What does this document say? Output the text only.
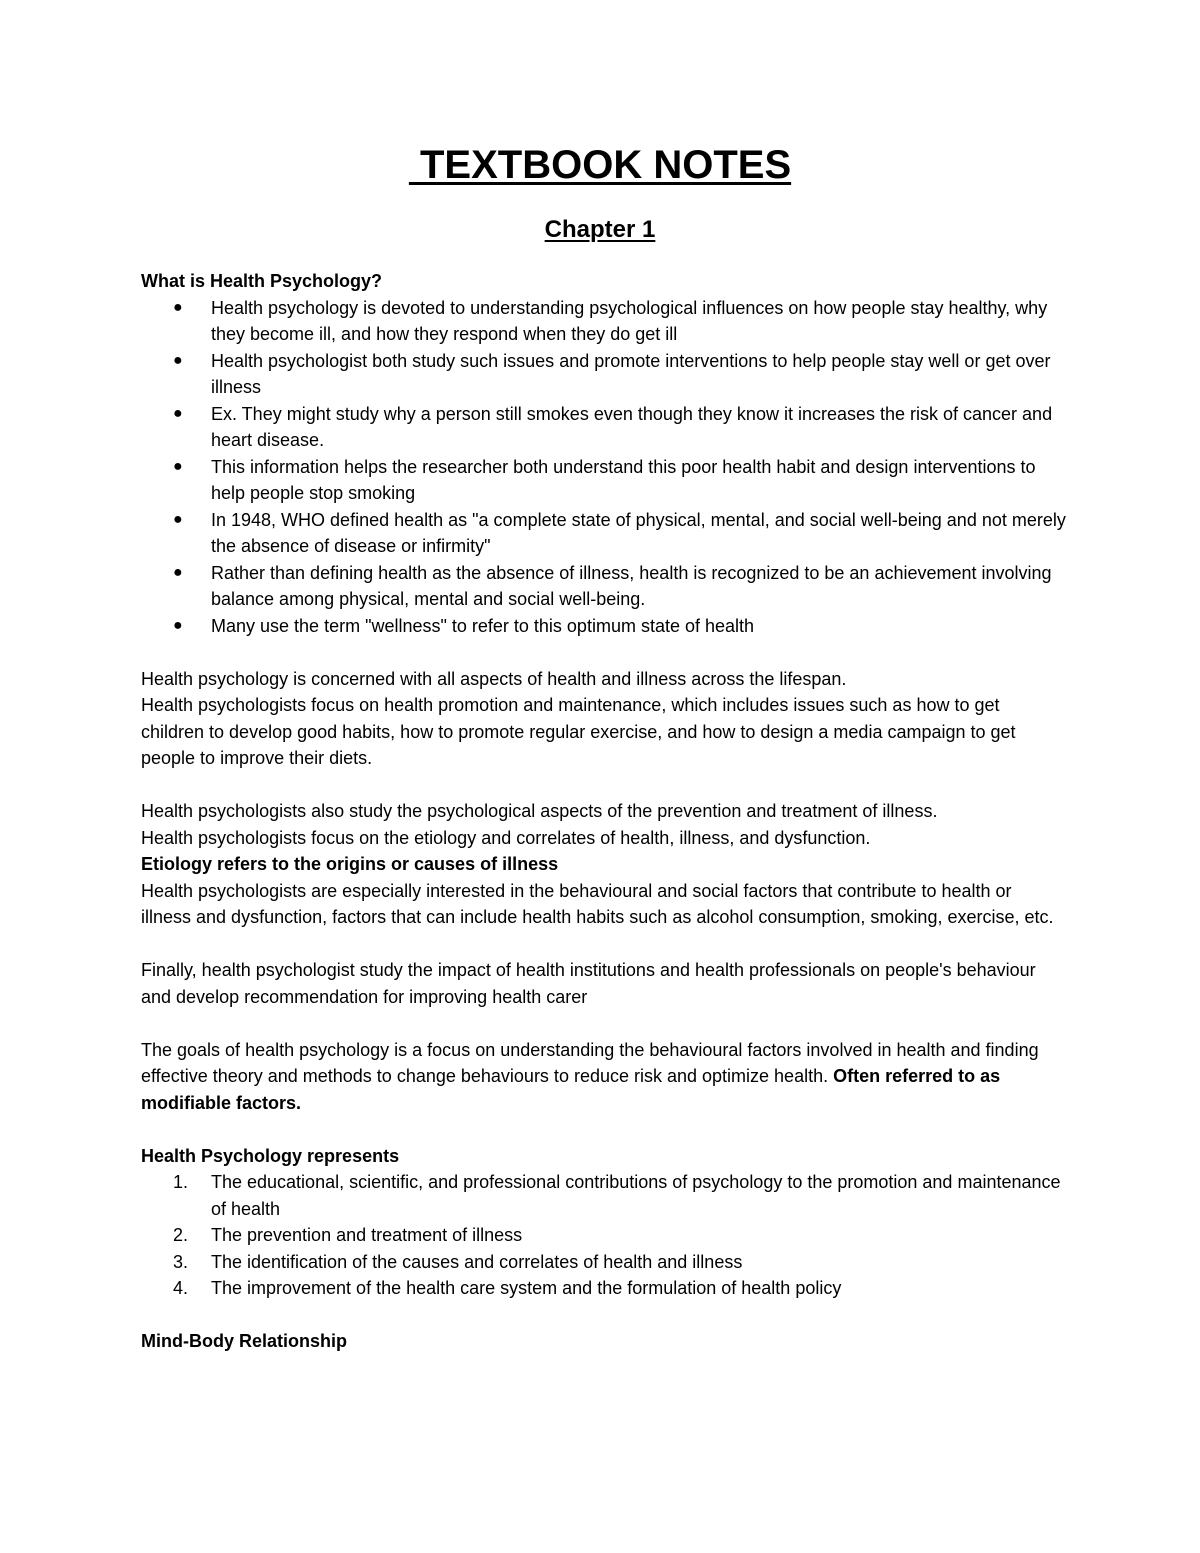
TEXTBOOK NOTES
Chapter 1
What is Health Psychology?
● Health psychology is devoted to understanding psychological influences on how people stay healthy, why they become ill, and how they respond when they do get ill
● Health psychologist both study such issues and promote interventions to help people stay well or get over illness
● Ex. They might study why a person still smokes even though they know it increases the risk of cancer and heart disease.
● This information helps the researcher both understand this poor health habit and design interventions to help people stop smoking
● In 1948, WHO defined health as "a complete state of physical, mental, and social well-being and not merely the absence of disease or infirmity"
● Rather than defining health as the absence of illness, health is recognized to be an achievement involving balance among physical, mental and social well-being.
● Many use the term "wellness" to refer to this optimum state of health
Health psychology is concerned with all aspects of health and illness across the lifespan.
Health psychologists focus on health promotion and maintenance, which includes issues such as how to get children to develop good habits, how to promote regular exercise, and how to design a media campaign to get people to improve their diets.
Health psychologists also study the psychological aspects of the prevention and treatment of illness.
Health psychologists focus on the etiology and correlates of health, illness, and dysfunction.
Etiology refers to the origins or causes of illness
Health psychologists are especially interested in the behavioural and social factors that contribute to health or illness and dysfunction, factors that can include health habits such as alcohol consumption, smoking, exercise, etc.
Finally, health psychologist study the impact of health institutions and health professionals on people's behaviour and develop recommendation for improving health carer
The goals of health psychology is a focus on understanding the behavioural factors involved in health and finding effective theory and methods to change behaviours to reduce risk and optimize health. Often referred to as modifiable factors.
Health Psychology represents
1. The educational, scientific, and professional contributions of psychology to the promotion and maintenance of health
2. The prevention and treatment of illness
3. The identification of the causes and correlates of health and illness
4. The improvement of the health care system and the formulation of health policy
Mind-Body Relationship
